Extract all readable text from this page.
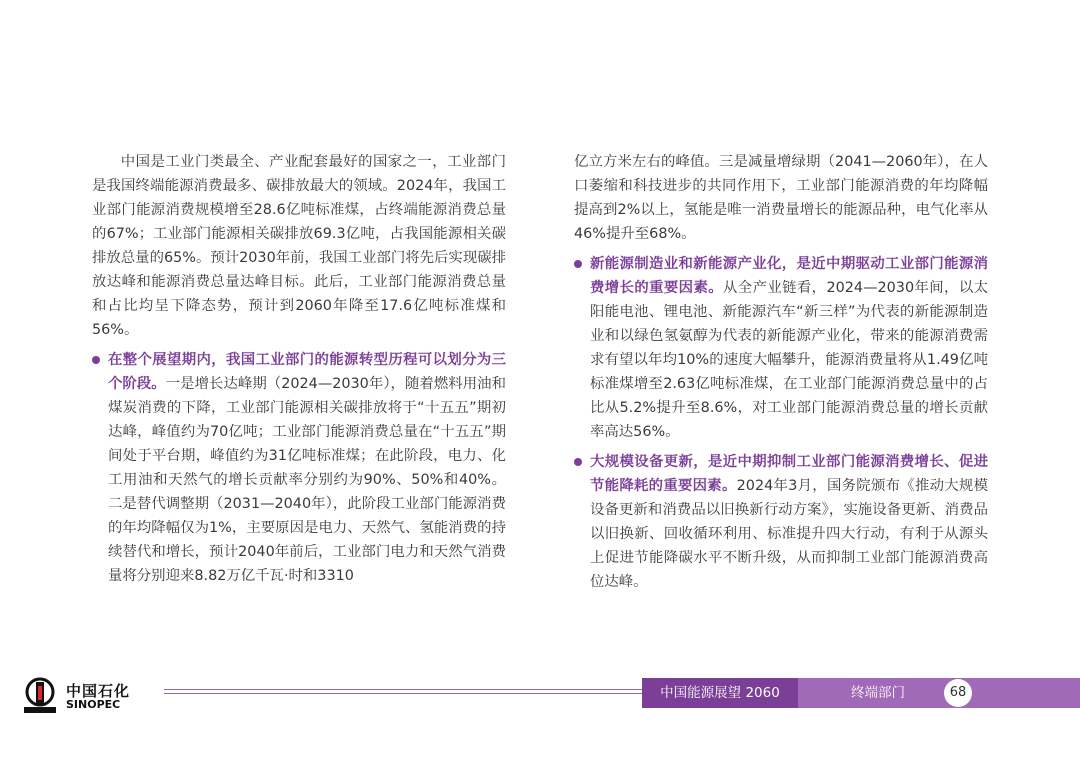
中国是工业门类最全、产业配套最好的国家之一，工业部门是我国终端能源消费最多、碳排放最大的领域。2024年，我国工业部门能源消费规模增至28.6亿吨标准煤，占终端能源消费总量的67%；工业部门能源相关碳排放69.3亿吨，占我国能源相关碳排放总量的65%。预计2030年前，我国工业部门将先后实现碳排放达峰和能源消费总量达峰目标。此后，工业部门能源消费总量和占比均呈下降态势，预计到2060年降至17.6亿吨标准煤和56%。

在整个展望期内，我国工业部门的能源转型历程可以划分为三个阶段。一是增长达峰期（2024—2030年），随着燃料用油和煤炭消费的下降，工业部门能源相关碳排放将于“十五五”期初达峰，峰值约为70亿吨；工业部门能源消费总量在“十五五”期间处于平台期，峰值约为31亿吨标准煤；在此阶段，电力、化工用油和天然气的增长贡献率分别约为90%、50%和40%。二是替代调整期（2031—2040年），此阶段工业部门能源消费的年均降幅仅为1%，主要原因是电力、天然气、氢能消费的持续替代和增长，预计2040年前后，工业部门电力和天然气消费量将分别迎来8.82万亿千瓦·时和3310

亿立方米左右的峰值。三是减量增绿期（2041—2060年），在人口萎缩和科技进步的共同作用下，工业部门能源消费的年均降幅提高到2%以上，氢能是唯一消费量增长的能源品种，电气化率从46%提升至68%。

新能源制造业和新能源产业化，是近中期驱动工业部门能源消费增长的重要因素。从全产业链看，2024—2030年间，以太阳能电池、锂电池、新能源汽车“新三样”为代表的新能源制造业和以绿色氢氨醇为代表的新能源产业化，带来的能源消费需求有望以年均10%的速度大幅攀升，能源消费量将从1.49亿吨标准煤增至2.63亿吨标准煤，在工业部门能源消费总量中的占比从5.2%提升至8.6%，对工业部门能源消费总量的增长贡献率高达56%。

大规模设备更新，是近中期抑制工业部门能源消费增长、促进节能降耗的重要因素。2024年3月，国务院颁布《推动大规模设备更新和消费品以旧换新行动方案》，实施设备更新、消费品以旧换新、回收循环利用、标准提升四大行动，有利于从源头上促进节能降碳水平不断升级，从而抑制工业部门能源消费高位达峰。

中国石化
SINOPEC
中国能源展望 2060	终端部门	68
